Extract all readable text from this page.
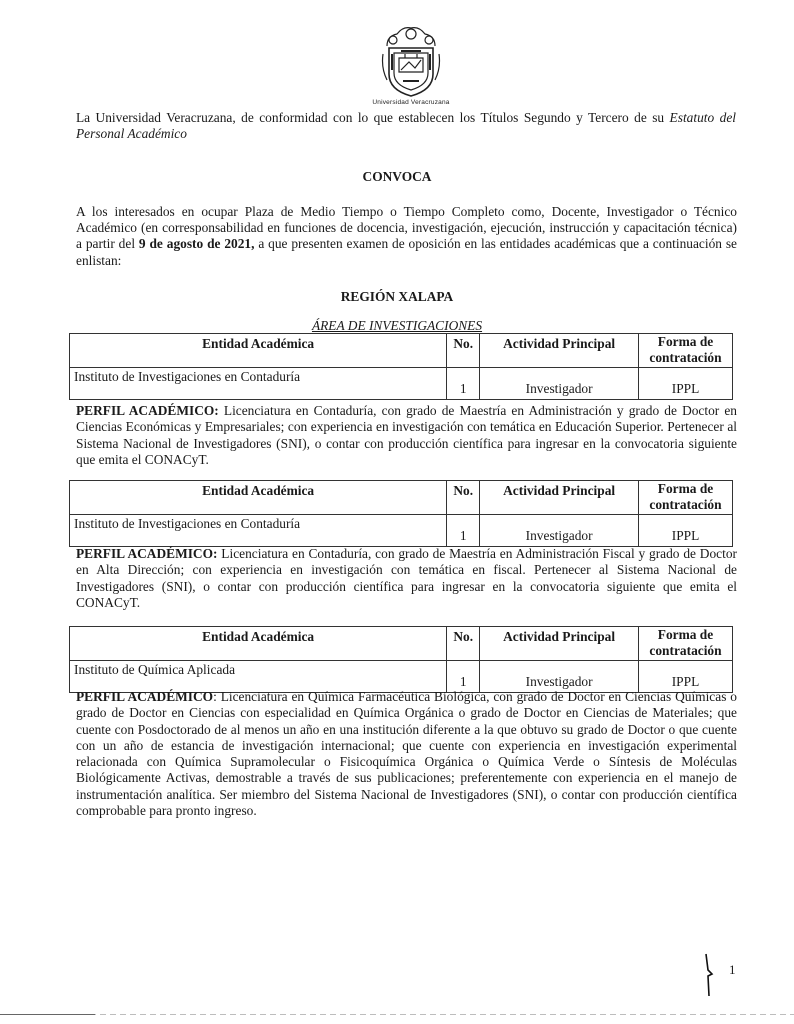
Universidad Veracruzana
La Universidad Veracruzana, de conformidad con lo que establecen los Títulos Segundo y Tercero de su Estatuto del Personal Académico
CONVOCA
A los interesados en ocupar Plaza de Medio Tiempo o Tiempo Completo como, Docente, Investigador o Técnico Académico (en corresponsabilidad en funciones de docencia, investigación, ejecución, instrucción y capacitación técnica) a partir del 9 de agosto de 2021, a que presenten examen de oposición en las entidades académicas que a continuación se enlistan:
REGIÓN XALAPA
ÁREA DE INVESTIGACIONES
Entidad Académica	No.	Actividad Principal	Forma de
contratación

Instituto de Investigaciones en Contaduría	1	Investigador	IPPL
PERFIL ACADÉMICO: Licenciatura en Contaduría, con grado de Maestría en Administración y grado de Doctor en Ciencias Económicas y Empresariales; con experiencia en investigación con temática en Educación Superior. Pertenecer al Sistema Nacional de Investigadores (SNI), o contar con producción científica para ingresar en la convocatoria siguiente que emita el CONACyT.
Entidad Académica	No.	Actividad Principal	Forma de
contratación

Instituto de Investigaciones en Contaduría	1	Investigador	IPPL
PERFIL ACADÉMICO: Licenciatura en Contaduría, con grado de Maestría en Administración Fiscal y grado de Doctor en Alta Dirección; con experiencia en investigación con temática en fiscal. Pertenecer al Sistema Nacional de Investigadores (SNI), o contar con producción científica para ingresar en la convocatoria siguiente que emita el CONACyT.
Entidad Académica	No.	Actividad Principal	Forma de
contratación

Instituto de Química Aplicada	1	Investigador	IPPL
PERFIL ACADÉMICO: Licenciatura en Química Farmacéutica Biológica, con grado de Doctor en Ciencias Químicas o grado de Doctor en Ciencias con especialidad en Química Orgánica o grado de Doctor en Ciencias de Materiales; que cuente con Posdoctorado de al menos un año en una institución diferente a la que obtuvo su grado de Doctor o que cuente con un año de estancia de investigación internacional; que cuente con experiencia en investigación experimental relacionada con Química Supramolecular o Fisicoquímica Orgánica o Química Verde o Síntesis de Moléculas Biológicamente Activas, demostrable a través de sus publicaciones; preferentemente con experiencia en el manejo de instrumentación analítica. Ser miembro del Sistema Nacional de Investigadores (SNI), o contar con producción científica comprobable para pronto ingreso.
1
